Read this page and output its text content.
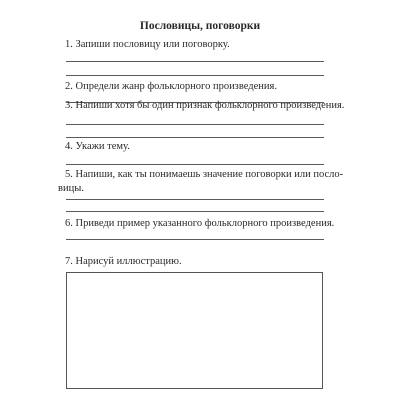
Пословицы, поговорки
1. Запиши пословицу или поговорку.
2. Определи жанр фольклорного произведения.
3. Напиши хотя бы один признак фольклорного произведения.
4. Укажи тему.
5. Напиши, как ты понимаешь значение поговорки или посло-
вицы.
6. Приведи пример указанного фольклорного произведения.
7. Нарисуй иллюстрацию.
